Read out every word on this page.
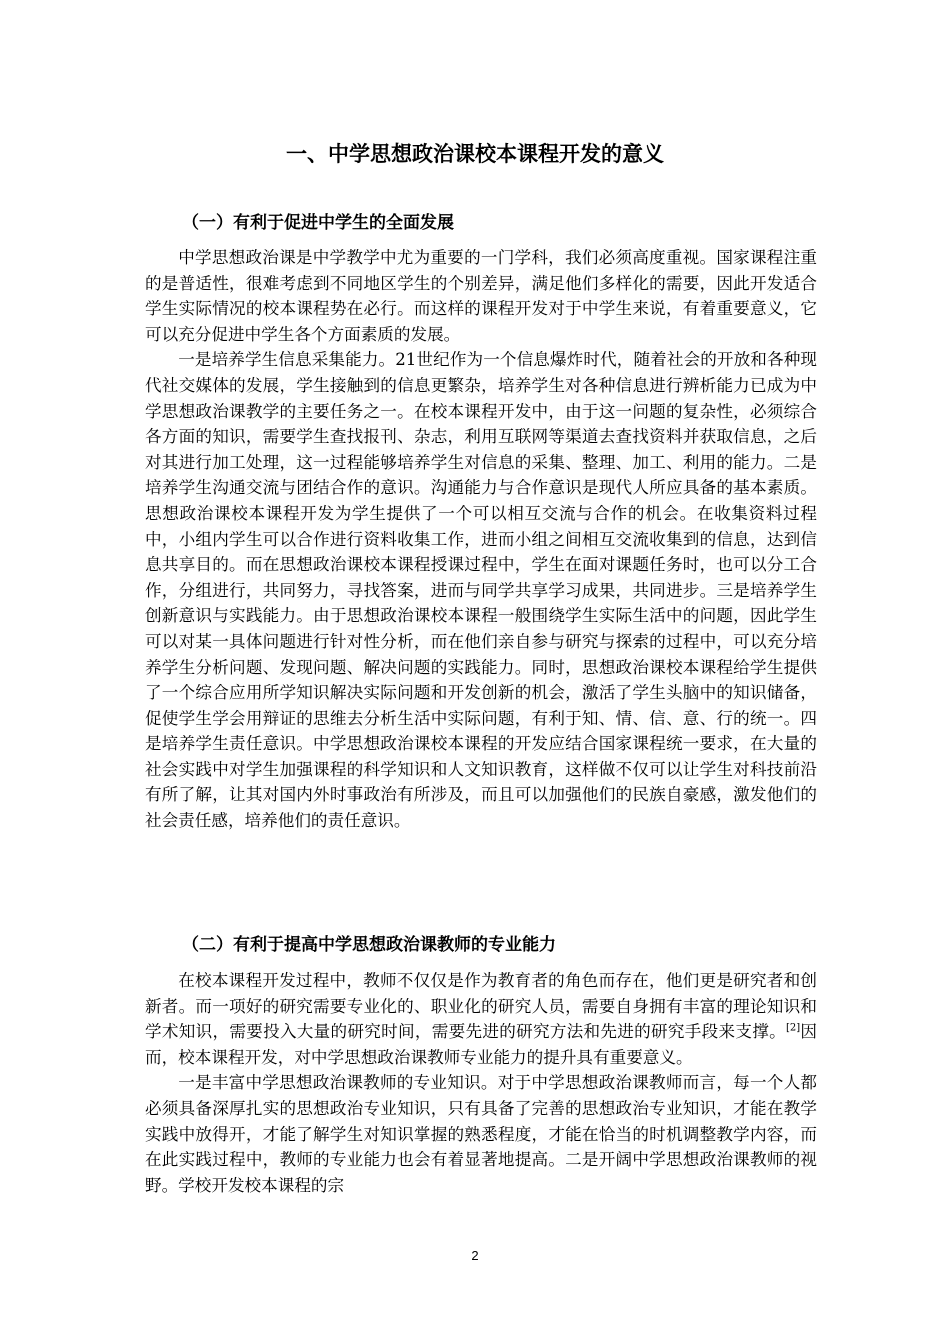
一、中学思想政治课校本课程开发的意义
（一）有利于促进中学生的全面发展

中学思想政治课是中学教学中尤为重要的一门学科，我们必须高度重视。国家课程注重的是普适性，很难考虑到不同地区学生的个别差异，满足他们多样化的需要，因此开发适合学生实际情况的校本课程势在必行。而这样的课程开发对于中学生来说，有着重要意义，它可以充分促进中学生各个方面素质的发展。

一是培养学生信息采集能力。21世纪作为一个信息爆炸时代，随着社会的开放和各种现代社交媒体的发展，学生接触到的信息更繁杂，培养学生对各种信息进行辨析能力已成为中学思想政治课教学的主要任务之一。在校本课程开发中，由于这一问题的复杂性，必须综合各方面的知识，需要学生查找报刊、杂志，利用互联网等渠道去查找资料并获取信息，之后对其进行加工处理，这一过程能够培养学生对信息的采集、整理、加工、利用的能力。二是培养学生沟通交流与团结合作的意识。沟通能力与合作意识是现代人所应具备的基本素质。思想政治课校本课程开发为学生提供了一个可以相互交流与合作的机会。在收集资料过程中，小组内学生可以合作进行资料收集工作，进而小组之间相互交流收集到的信息，达到信息共享目的。而在思想政治课校本课程授课过程中，学生在面对课题任务时，也可以分工合作，分组进行，共同努力，寻找答案，进而与同学共享学习成果，共同进步。三是培养学生创新意识与实践能力。由于思想政治课校本课程一般围绕学生实际生活中的问题，因此学生可以对某一具体问题进行针对性分析，而在他们亲自参与研究与探索的过程中，可以充分培养学生分析问题、发现问题、解决问题的实践能力。同时，思想政治课校本课程给学生提供了一个综合应用所学知识解决实际问题和开发创新的机会，激活了学生头脑中的知识储备，促使学生学会用辩证的思维去分析生活中实际问题，有利于知、情、信、意、行的统一。四是培养学生责任意识。中学思想政治课校本课程的开发应结合国家课程统一要求，在大量的社会实践中对学生加强课程的科学知识和人文知识教育，这样做不仅可以让学生对科技前沿有所了解，让其对国内外时事政治有所涉及，而且可以加强他们的民族自豪感，激发他们的社会责任感，培养他们的责任意识。

（二）有利于提高中学思想政治课教师的专业能力

在校本课程开发过程中，教师不仅仅是作为教育者的角色而存在，他们更是研究者和创新者。而一项好的研究需要专业化的、职业化的研究人员，需要自身拥有丰富的理论知识和学术知识，需要投入大量的研究时间，需要先进的研究方法和先进的研究手段来支撑。[2]因而，校本课程开发，对中学思想政治课教师专业能力的提升具有重要意义。

一是丰富中学思想政治课教师的专业知识。对于中学思想政治课教师而言，每一个人都必须具备深厚扎实的思想政治专业知识，只有具备了完善的思想政治专业知识，才能在教学实践中放得开，才能了解学生对知识掌握的熟悉程度，才能在恰当的时机调整教学内容，而在此实践过程中，教师的专业能力也会有着显著地提高。二是开阔中学思想政治课教师的视野。学校开发校本课程的宗

2
